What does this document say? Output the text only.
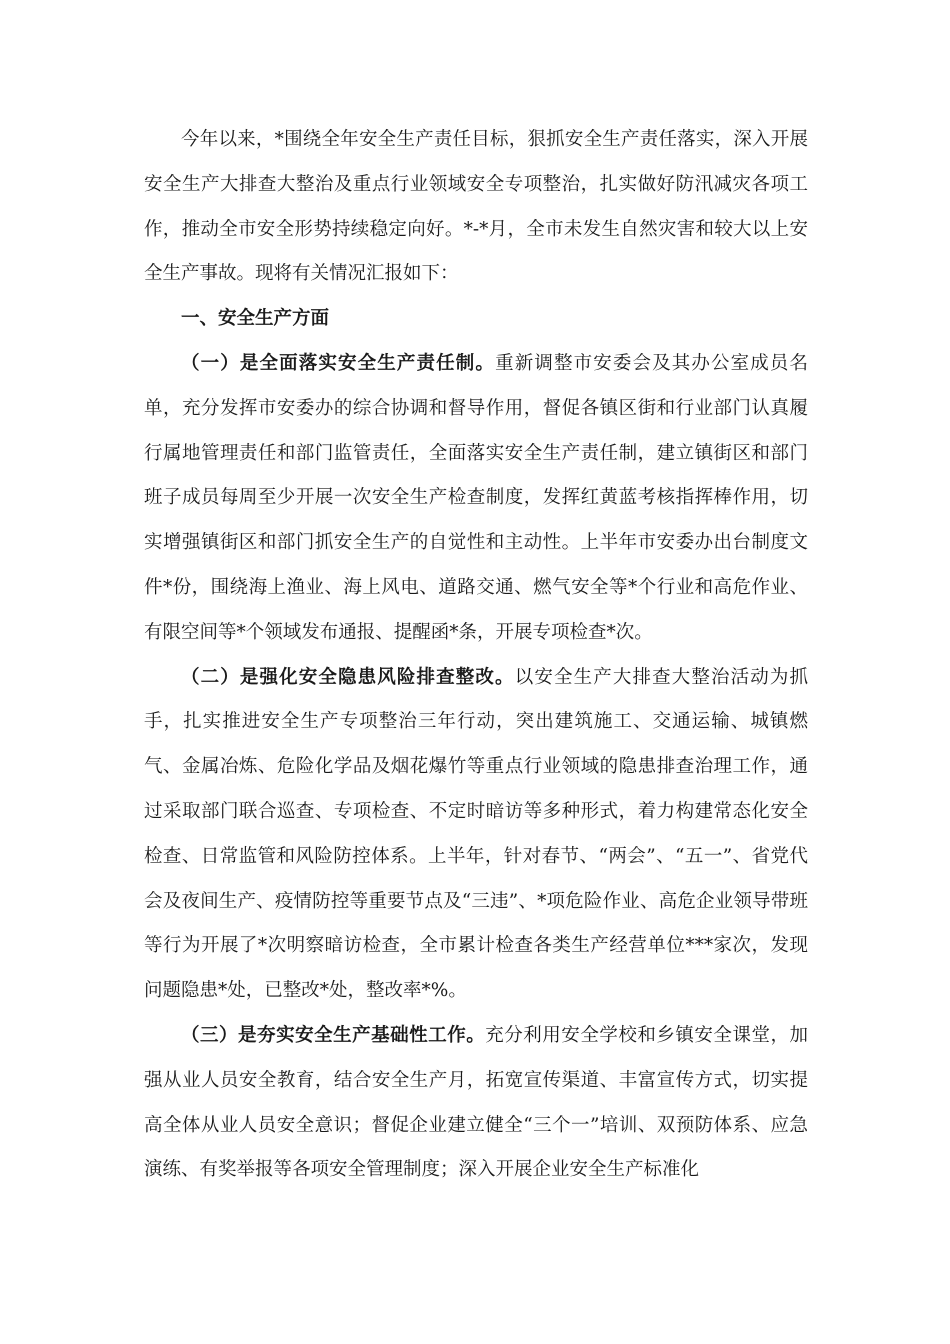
今年以来，*围绕全年安全生产责任目标，狠抓安全生产责任落实，深入开展安全生产大排查大整治及重点行业领域安全专项整治，扎实做好防汛减灾各项工作，推动全市安全形势持续稳定向好。*-*月，全市未发生自然灾害和较大以上安全生产事故。现将有关情况汇报如下：

一、安全生产方面

（一）是全面落实安全生产责任制。重新调整市安委会及其办公室成员名单，充分发挥市安委办的综合协调和督导作用，督促各镇区街和行业部门认真履行属地管理责任和部门监管责任，全面落实安全生产责任制，建立镇街区和部门班子成员每周至少开展一次安全生产检查制度，发挥红黄蓝考核指挥棒作用，切实增强镇街区和部门抓安全生产的自觉性和主动性。上半年市安委办出台制度文件*份，围绕海上渔业、海上风电、道路交通、燃气安全等*个行业和高危作业、有限空间等*个领域发布通报、提醒函*条，开展专项检查*次。

（二）是强化安全隐患风险排查整改。以安全生产大排查大整治活动为抓手，扎实推进安全生产专项整治三年行动，突出建筑施工、交通运输、城镇燃气、金属冶炼、危险化学品及烟花爆竹等重点行业领域的隐患排查治理工作，通过采取部门联合巡查、专项检查、不定时暗访等多种形式，着力构建常态化安全检查、日常监管和风险防控体系。上半年，针对春节、“两会”、“五一”、省党代会及夜间生产、疫情防控等重要节点及“三违”、*项危险作业、高危企业领导带班等行为开展了*次明察暗访检查，全市累计检查各类生产经营单位***家次，发现问题隐患*处，已整改*处，整改率*%。

（三）是夯实安全生产基础性工作。充分利用安全学校和乡镇安全课堂，加强从业人员安全教育，结合安全生产月，拓宽宣传渠道、丰富宣传方式，切实提高全体从业人员安全意识；督促企业建立健全“三个一”培训、双预防体系、应急演练、有奖举报等各项安全管理制度；深入开展企业安全生产标准化
